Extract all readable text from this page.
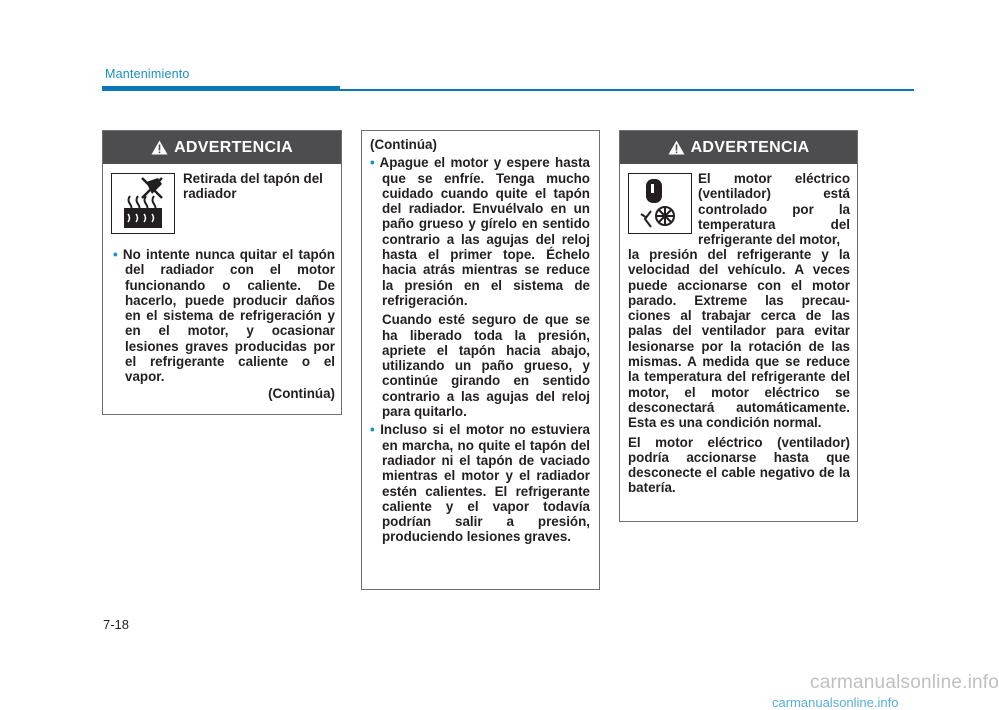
Mantenimiento
ADVERTENCIA
Retirada del tapón del radiador
• No intente nunca quitar el tapón del radiador con el motor funcionando o caliente. De hacerlo, puede producir daños en el sistema de refrigeración y en el motor, y ocasionar lesiones graves producidas por el refrigerante caliente o el vapor.
(Continúa)
(Continúa)
• Apague el motor y espere hasta que se enfríe. Tenga mucho cuidado cuando quite el tapón del radiador. Envuélvalo en un paño grueso y gírelo en sentido contrario a las agujas del reloj hasta el primer tope. Échelo hacia atrás mientras se reduce la presión en el sistema de refrigeración.
Cuando esté seguro de que se ha liberado toda la presión, apriete el tapón hacia abajo, utilizando un paño grueso, y continúe girando en sentido contrario a las agujas del reloj para quitarlo.
• Incluso si el motor no estuviera en marcha, no quite el tapón del radiador ni el tapón de vaciado mientras el motor y el radiador estén calientes. El refrigerante caliente y el vapor todavía podrían salir a presión, produciendo lesiones graves.
carmanualsonline.info
ADVERTENCIA
El motor eléctrico (ventilador) está controlado por la temperatura del refrigerante del motor,
la presión del refrigerante y la velocidad del vehículo. A veces puede accionarse con el motor parado. Extreme las precau- ciones al trabajar cerca de las palas del ventilador para evitar lesionarse por la rotación de las mismas. A medida que se reduce la temperatura del refrigerante del motor, el motor eléctrico se desconectará automáticamente. Esta es una condición normal.
El motor eléctrico (ventilador) podría accionarse hasta que desconecte el cable negativo de la batería.
7-18
carmanualsonline.info
